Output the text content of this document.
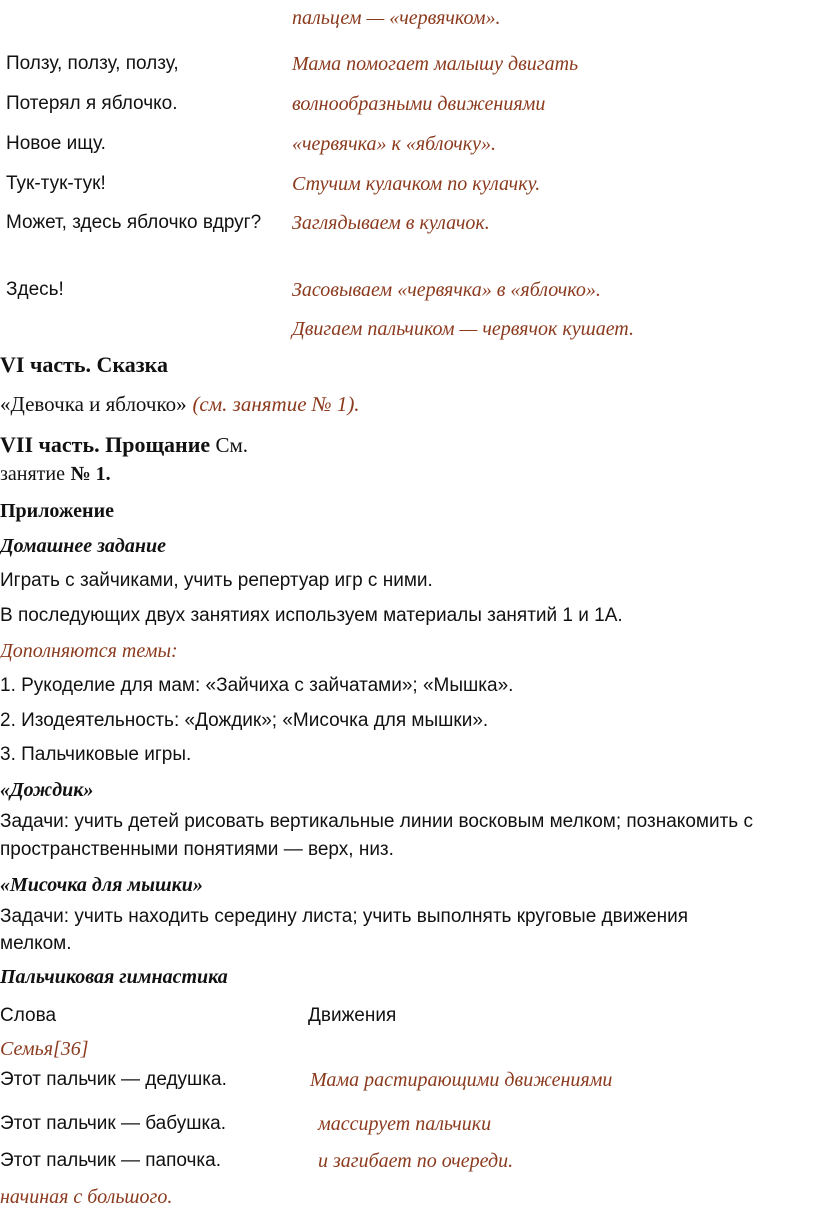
пальцем — «червячком».
Ползу, ползу, ползу,	Мама помогает малышу двигать
Потерял я яблочко.	волнообразными движениями
Новое ищу.	«червячка» к «яблочку».
Тук-тук-тук!	Стучим кулачком по кулачку.
Может, здесь яблочко вдруг? Заглядываем в кулачок.
Здесь!	Засовываем «червячка» в «яблочко».
Двигаем пальчиком — червячок кушает.
VI часть. Сказка
«Девочка и яблочко» (см. занятие № 1).
VII часть. Прощание См.
занятие № 1.
Приложение
Домашнее задание
Играть с зайчиками, учить репертуар игр с ними.
В последующих двух занятиях используем материалы занятий 1 и 1А.
Дополняются темы:
1. Рукоделие для мам: «Зайчиха с зайчатами»; «Мышка».
2. Изодеятельность: «Дождик»; «Мисочка для мышки».
3. Пальчиковые игры.
«Дождик»
Задачи: учить детей рисовать вертикальные линии восковым мелком; познакомить с
пространственными понятиями — верх, низ.
«Мисочка для мышки»
Задачи: учить находить середину листа; учить выполнять круговые движения
мелком.
Пальчиковая гимнастика
Слова	Движения
Семья[36]
Этот пальчик — дедушка.	Мама растирающими движениями
Этот пальчик — бабушка.	массирует пальчики
Этот пальчик — папочка.	и загибает по очереди.
начиная с большого.
